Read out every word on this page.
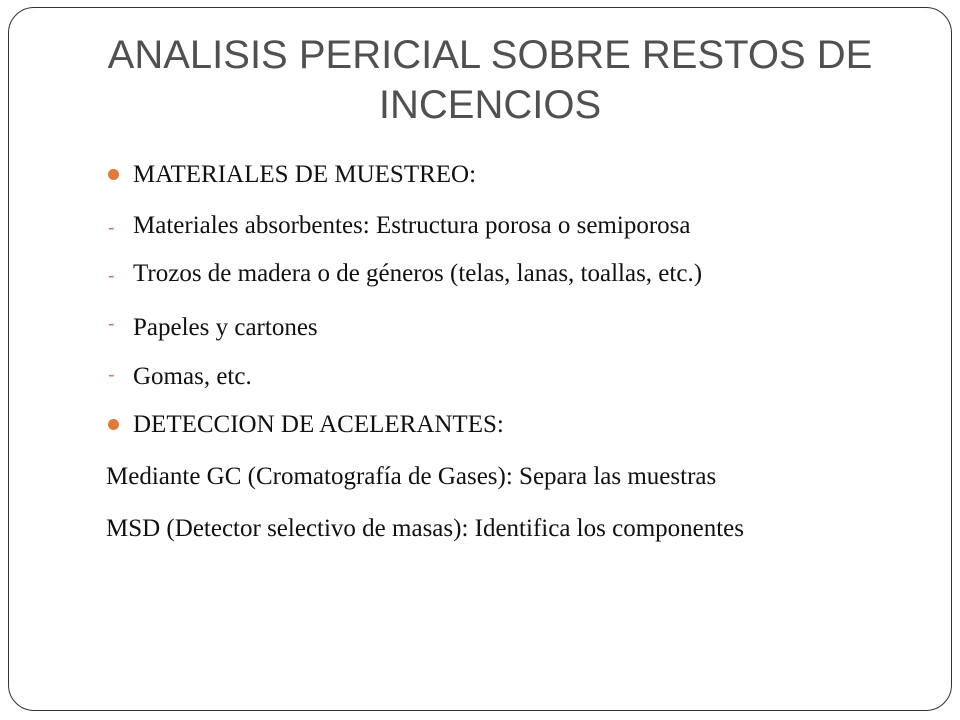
ANALISIS PERICIAL SOBRE RESTOS DE
INCENCIOS
MATERIALES DE MUESTREO:
- Materiales absorbentes: Estructura porosa o semiporosa
- Trozos de madera o de géneros (telas, lanas, toallas, etc.)
- Papeles y cartones
- Gomas, etc.
DETECCION DE ACELERANTES:
Mediante GC (Cromatografía de Gases): Separa las muestras
MSD (Detector selectivo de masas): Identifica los componentes
